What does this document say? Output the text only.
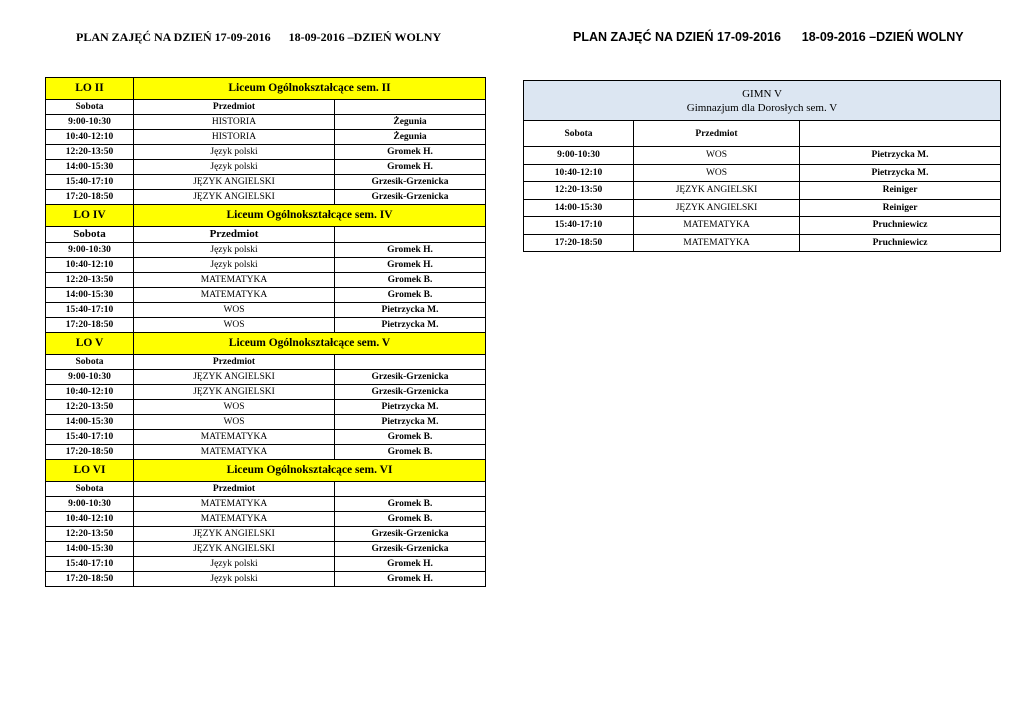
PLAN ZAJĘĆ NA DZIEŃ 17-09-2016      18-09-2016 –DZIEŃ WOLNY	PLAN ZAJĘĆ NA DZIEŃ 17-09-2016      18-09-2016 –DZIEŃ WOLNY
LO II	Liceum Ogólnokształcące sem. II	
Sobota	Przedmiot	
9:00-10:30	HISTORIA	Żegunia
10:40-12:10	HISTORIA	Żegunia
12:20-13:50	Język polski	Gromek H.
14:00-15:30	Język polski	Gromek H.
15:40-17:10	JĘZYK ANGIELSKI	Grzesik-Grzenicka
17:20-18:50	JĘZYK ANGIELSKI	Grzesik-Grzenicka
LO IV	Liceum Ogólnokształcące sem. IV	
Sobota	Przedmiot	
9:00-10:30	Język polski	Gromek H.
10:40-12:10	Język polski	Gromek H.
12:20-13:50	MATEMATYKA	Gromek B.
14:00-15:30	MATEMATYKA	Gromek B.
15:40-17:10	WOS	Pietrzycka M.
17:20-18:50	WOS	Pietrzycka M.
LO V	Liceum Ogólnokształcące sem. V	
Sobota	Przedmiot	
9:00-10:30	JĘZYK ANGIELSKI	Grzesik-Grzenicka
10:40-12:10	JĘZYK ANGIELSKI	Grzesik-Grzenicka
12:20-13:50	WOS	Pietrzycka M.
14:00-15:30	WOS	Pietrzycka M.
15:40-17:10	MATEMATYKA	Gromek B.
17:20-18:50	MATEMATYKA	Gromek B.
LO VI	Liceum Ogólnokształcące sem. VI	
Sobota	Przedmiot	
9:00-10:30	MATEMATYKA	Gromek B.
10:40-12:10	MATEMATYKA	Gromek B.
12:20-13:50	JĘZYK ANGIELSKI	Grzesik-Grzenicka
14:00-15:30	JĘZYK ANGIELSKI	Grzesik-Grzenicka
15:40-17:10	Język polski	Gromek H.
17:20-18:50	Język polski	Gromek H.
GIMN V
Gimnazjum dla Dorosłych sem. V		

Sobota	Przedmiot	
9:00-10:30	WOS	Pietrzycka M.
10:40-12:10	WOS	Pietrzycka M.
12:20-13:50	JĘZYK ANGIELSKI	Reiniger
14:00-15:30	JĘZYK ANGIELSKI	Reiniger
15:40-17:10	MATEMATYKA	Pruchniewicz
17:20-18:50	MATEMATYKA	Pruchniewicz
